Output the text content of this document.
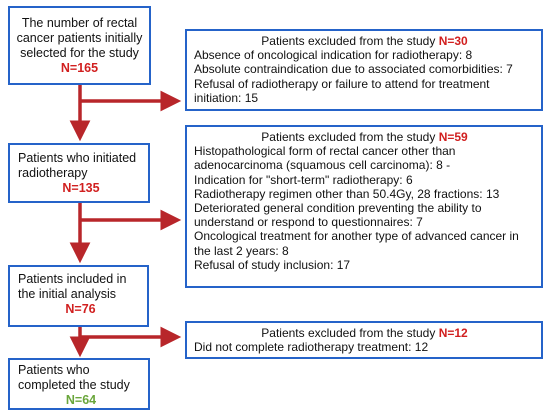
The number of rectal cancer patients initially selected for the study
N=165
Patients who initiated radiotherapy
N=135
Patients included in the initial analysis
N=76
Patients who completed the study
N=64
Patients excluded from the study N=30
Absence of oncological indication for radiotherapy: 8
Absolute contraindication due to associated comorbidities: 7
Refusal of radiotherapy or failure to attend for treatment initiation: 15
Patients excluded from the study N=59
Histopathological form of rectal cancer other than adenocarcinoma (squamous cell carcinoma): 8 -
Indication for "short-term" radiotherapy: 6
Radiotherapy regimen other than 50.4Gy, 28 fractions: 13
Deteriorated general condition preventing the ability to understand or respond to questionnaires: 7
Oncological treatment for another type of advanced cancer in the last 2 years: 8
Refusal of study inclusion: 17
Patients excluded from the study N=12
Did not complete radiotherapy treatment: 12
